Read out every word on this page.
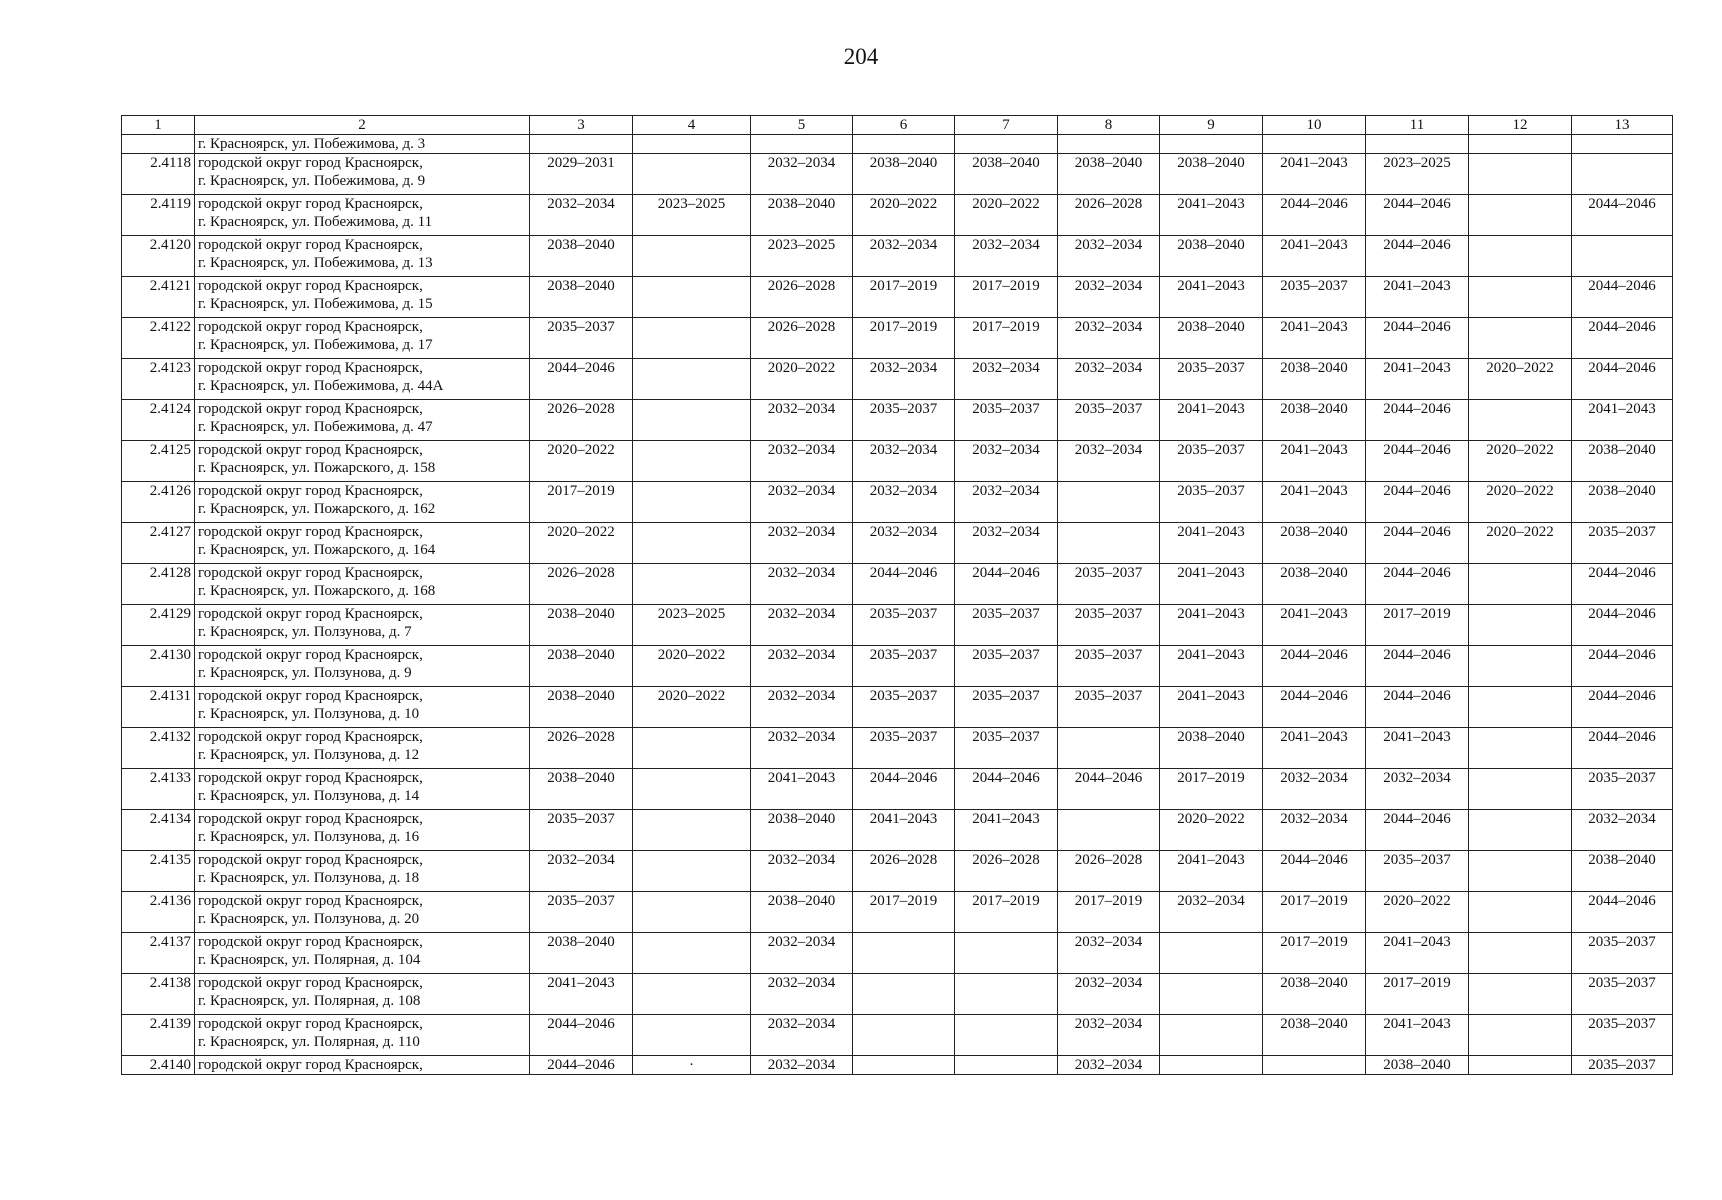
204
1	2	3	4	5	6	7	8	9	10	11	12	13
	г. Красноярск, ул. Побежимова, д. 3											
2.4118	городской округ город Красноярск,
г. Красноярск, ул. Побежимова, д. 9	2029–2031		2032–2034	2038–2040	2038–2040	2038–2040	2038–2040	2041–2043	2023–2025		
2.4119	городской округ город Красноярск,
г. Красноярск, ул. Побежимова, д. 11	2032–2034	2023–2025	2038–2040	2020–2022	2020–2022	2026–2028	2041–2043	2044–2046	2044–2046		2044–2046
2.4120	городской округ город Красноярск,
г. Красноярск, ул. Побежимова, д. 13	2038–2040		2023–2025	2032–2034	2032–2034	2032–2034	2038–2040	2041–2043	2044–2046		
2.4121	городской округ город Красноярск,
г. Красноярск, ул. Побежимова, д. 15	2038–2040		2026–2028	2017–2019	2017–2019	2032–2034	2041–2043	2035–2037	2041–2043		2044–2046
2.4122	городской округ город Красноярск,
г. Красноярск, ул. Побежимова, д. 17	2035–2037		2026–2028	2017–2019	2017–2019	2032–2034	2038–2040	2041–2043	2044–2046		2044–2046
2.4123	городской округ город Красноярск,
г. Красноярск, ул. Побежимова, д. 44А	2044–2046		2020–2022	2032–2034	2032–2034	2032–2034	2035–2037	2038–2040	2041–2043	2020–2022	2044–2046
2.4124	городской округ город Красноярск,
г. Красноярск, ул. Побежимова, д. 47	2026–2028		2032–2034	2035–2037	2035–2037	2035–2037	2041–2043	2038–2040	2044–2046		2041–2043
2.4125	городской округ город Красноярск,
г. Красноярск, ул. Пожарского, д. 158	2020–2022		2032–2034	2032–2034	2032–2034	2032–2034	2035–2037	2041–2043	2044–2046	2020–2022	2038–2040
2.4126	городской округ город Красноярск,
г. Красноярск, ул. Пожарского, д. 162	2017–2019		2032–2034	2032–2034	2032–2034		2035–2037	2041–2043	2044–2046	2020–2022	2038–2040
2.4127	городской округ город Красноярск,
г. Красноярск, ул. Пожарского, д. 164	2020–2022		2032–2034	2032–2034	2032–2034		2041–2043	2038–2040	2044–2046	2020–2022	2035–2037
2.4128	городской округ город Красноярск,
г. Красноярск, ул. Пожарского, д. 168	2026–2028		2032–2034	2044–2046	2044–2046	2035–2037	2041–2043	2038–2040	2044–2046		2044–2046
2.4129	городской округ город Красноярск,
г. Красноярск, ул. Ползунова, д. 7	2038–2040	2023–2025	2032–2034	2035–2037	2035–2037	2035–2037	2041–2043	2041–2043	2017–2019		2044–2046
2.4130	городской округ город Красноярск,
г. Красноярск, ул. Ползунова, д. 9	2038–2040	2020–2022	2032–2034	2035–2037	2035–2037	2035–2037	2041–2043	2044–2046	2044–2046		2044–2046
2.4131	городской округ город Красноярск,
г. Красноярск, ул. Ползунова, д. 10	2038–2040	2020–2022	2032–2034	2035–2037	2035–2037	2035–2037	2041–2043	2044–2046	2044–2046		2044–2046
2.4132	городской округ город Красноярск,
г. Красноярск, ул. Ползунова, д. 12	2026–2028		2032–2034	2035–2037	2035–2037		2038–2040	2041–2043	2041–2043		2044–2046
2.4133	городской округ город Красноярск,
г. Красноярск, ул. Ползунова, д. 14	2038–2040		2041–2043	2044–2046	2044–2046	2044–2046	2017–2019	2032–2034	2032–2034		2035–2037
2.4134	городской округ город Красноярск,
г. Красноярск, ул. Ползунова, д. 16	2035–2037		2038–2040	2041–2043	2041–2043		2020–2022	2032–2034	2044–2046		2032–2034
2.4135	городской округ город Красноярск,
г. Красноярск, ул. Ползунова, д. 18	2032–2034		2032–2034	2026–2028	2026–2028	2026–2028	2041–2043	2044–2046	2035–2037		2038–2040
2.4136	городской округ город Красноярск,
г. Красноярск, ул. Ползунова, д. 20	2035–2037		2038–2040	2017–2019	2017–2019	2017–2019	2032–2034	2017–2019	2020–2022		2044–2046
2.4137	городской округ город Красноярск,
г. Красноярск, ул. Полярная, д. 104	2038–2040		2032–2034			2032–2034		2017–2019	2041–2043		2035–2037
2.4138	городской округ город Красноярск,
г. Красноярск, ул. Полярная, д. 108	2041–2043		2032–2034			2032–2034		2038–2040	2017–2019		2035–2037
2.4139	городской округ город Красноярск,
г. Красноярск, ул. Полярная, д. 110	2044–2046		2032–2034			2032–2034		2038–2040	2041–2043		2035–2037
2.4140	городской округ город Красноярск,	2044–2046	·	2032–2034			2032–2034			2038–2040		2035–2037
